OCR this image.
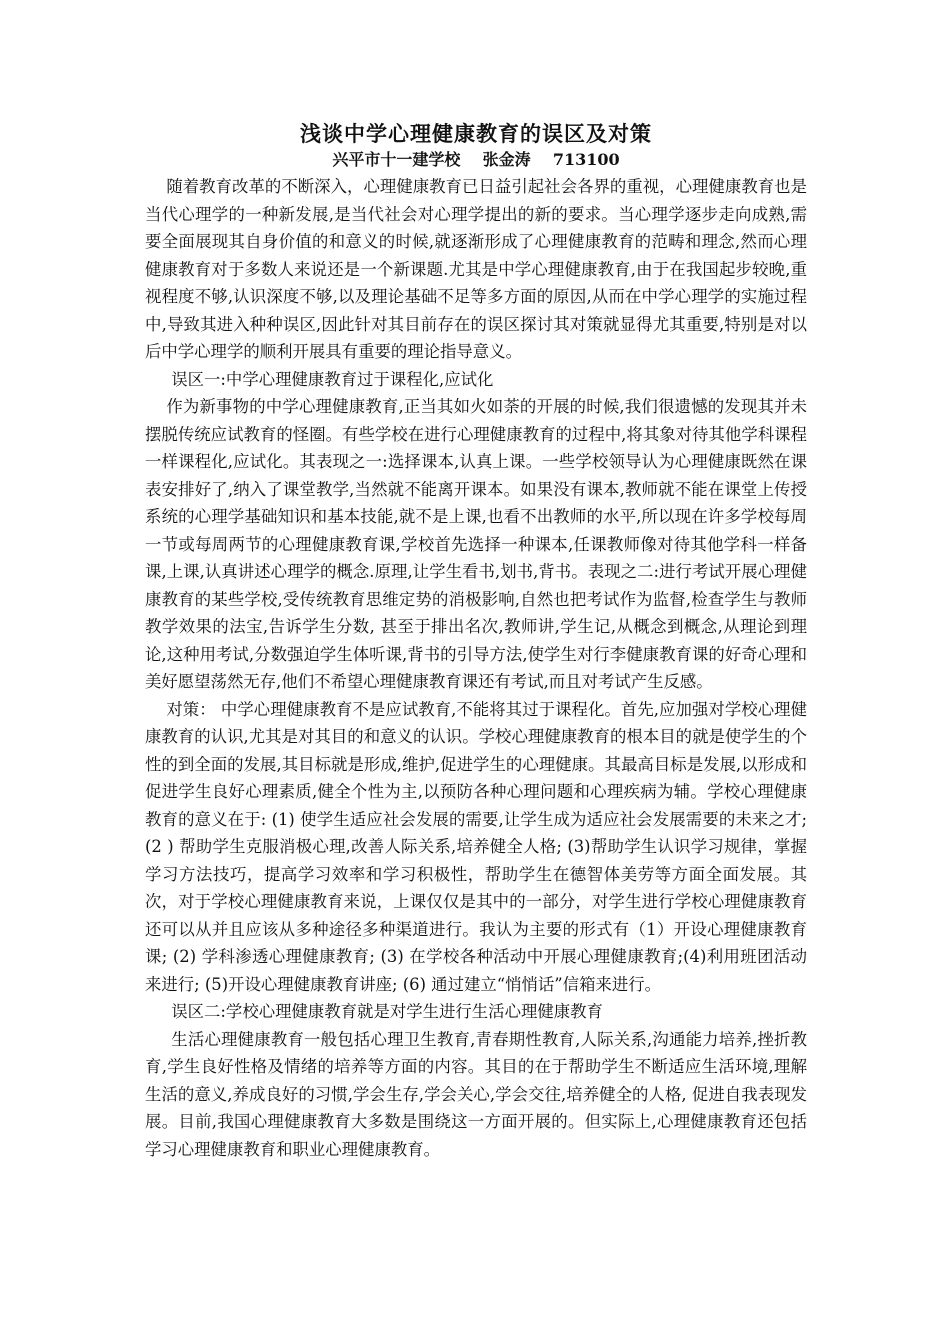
浅谈中学心理健康教育的误区及对策

兴平市十一建学校    张金涛    713100

随着教育改革的不断深入，心理健康教育已日益引起社会各界的重视，心理健康教育也是当代心理学的一种新发展,是当代社会对心理学提出的新的要求。当心理学逐步走向成熟,需要全面展现其自身价值的和意义的时候,就逐渐形成了心理健康教育的范畴和理念,然而心理健康教育对于多数人来说还是一个新课题.尤其是中学心理健康教育,由于在我国起步较晚,重视程度不够,认识深度不够,以及理论基础不足等多方面的原因,从而在中学心理学的实施过程中,导致其进入种种误区,因此针对其目前存在的误区探讨其对策就显得尤其重要,特别是对以后中学心理学的顺利开展具有重要的理论指导意义。

误区一:中学心理健康教育过于课程化,应试化

作为新事物的中学心理健康教育,正当其如火如荼的开展的时候,我们很遗憾的发现其并未摆脱传统应试教育的怪圈。有些学校在进行心理健康教育的过程中,将其象对待其他学科课程一样课程化,应试化。其表现之一:选择课本,认真上课。一些学校领导认为心理健康既然在课表安排好了,纳入了课堂教学,当然就不能离开课本。如果没有课本,教师就不能在课堂上传授系统的心理学基础知识和基本技能,就不是上课,也看不出教师的水平,所以现在许多学校每周一节或每周两节的心理健康教育课,学校首先选择一种课本,任课教师像对待其他学科一样备课,上课,认真讲述心理学的概念.原理,让学生看书,划书,背书。表现之二:进行考试开展心理健康教育的某些学校,受传统教育思维定势的消极影响,自然也把考试作为监督,检查学生与教师教学效果的法宝,告诉学生分数, 甚至于排出名次,教师讲,学生记,从概念到概念,从理论到理论,这种用考试,分数强迫学生体听课,背书的引导方法,使学生对行李健康教育课的好奇心理和美好愿望荡然无存,他们不希望心理健康教育课还有考试,而且对考试产生反感。

对策： 中学心理健康教育不是应试教育,不能将其过于课程化。首先,应加强对学校心理健康教育的认识,尤其是对其目的和意义的认识。学校心理健康教育的根本目的就是使学生的个性的到全面的发展,其目标就是形成,维护,促进学生的心理健康。其最高目标是发展,以形成和促进学生良好心理素质,健全个性为主,以预防各种心理问题和心理疾病为辅。学校心理健康教育的意义在于: (1) 使学生适应社会发展的需要,让学生成为适应社会发展需要的未来之才; (2 ) 帮助学生克服消极心理,改善人际关系,培养健全人格; (3)帮助学生认识学习规律，掌握学习方法技巧，提高学习效率和学习积极性，帮助学生在德智体美劳等方面全面发展。其次，对于学校心理健康教育来说，上课仅仅是其中的一部分，对学生进行学校心理健康教育还可以从并且应该从多种途径多种渠道进行。我认为主要的形式有（1）开设心理健康教育课; (2) 学科渗透心理健康教育; (3) 在学校各种活动中开展心理健康教育;(4)利用班团活动来进行; (5)开设心理健康教育讲座; (6) 通过建立“悄悄话”信箱来进行。

误区二:学校心理健康教育就是对学生进行生活心理健康教育

生活心理健康教育一般包括心理卫生教育,青春期性教育,人际关系,沟通能力培养,挫折教育,学生良好性格及情绪的培养等方面的内容。其目的在于帮助学生不断适应生活环境,理解生活的意义,养成良好的习惯,学会生存,学会关心,学会交往,培养健全的人格, 促进自我表现发展。目前,我国心理健康教育大多数是围绕这一方面开展的。但实际上,心理健康教育还包括学习心理健康教育和职业心理健康教育。
